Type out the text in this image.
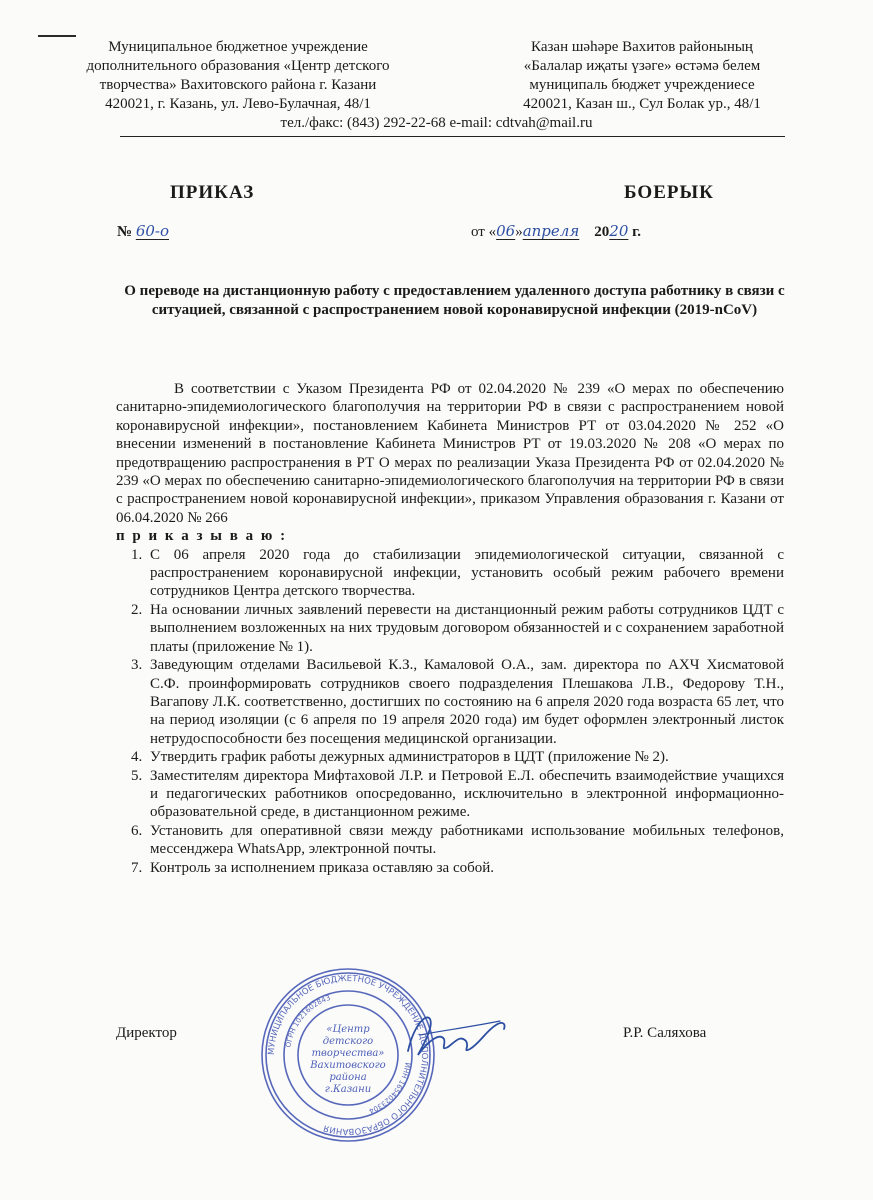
Муниципальное бюджетное учреждение
дополнительного образования «Центр детского
творчества» Вахитовского района г. Казани
420021, г. Казань, ул. Лево-Булачная, 48/1
Казан шәһәре Вахитов районының
«Балалар иҗаты үзәге» өстәмә белем
муниципаль бюджет учреждениесе
420021, Казан ш., Сул Болак ур., 48/1
тел./факс: (843) 292-22-68 e-mail: cdtvah@mail.ru
ПРИКАЗ	БОЕРЫК
№ 60-о	от «06»апреля 2020 г.
О переводе на дистанционную работу с предоставлением удаленного доступа работнику в связи с ситуацией, связанной с распространением новой коронавирусной инфекции (2019-nCoV)

В соответствии с Указом Президента РФ от 02.04.2020 № 239 «О мерах по обеспечению санитарно-эпидемиологического благополучия на территории РФ в связи с распространением новой коронавирусной инфекции», постановлением Кабинета Министров РТ от 03.04.2020 № 252 «О внесении изменений в постановление Кабинета Министров РТ от 19.03.2020 № 208 «О мерах по предотвращению распространения в РТ О мерах по реализации Указа Президента РФ от 02.04.2020 № 239 «О мерах по обеспечению санитарно-эпидемиологического благополучия на территории РФ в связи с распространением новой коронавирусной инфекции», приказом Управления образования г. Казани от 06.04.2020 № 266

п р и к а з ы в а ю :
1. С 06 апреля 2020 года до стабилизации эпидемиологической ситуации, связанной с распространением коронавирусной инфекции, установить особый режим рабочего времени сотрудников Центра детского творчества.
2. На основании личных заявлений перевести на дистанционный режим работы сотрудников ЦДТ с выполнением возложенных на них трудовым договором обязанностей и с сохранением заработной платы (приложение № 1).
3. Заведующим отделами Васильевой К.З., Камаловой О.А., зам. директора по АХЧ Хисматовой С.Ф. проинформировать сотрудников своего подразделения Плешакова Л.В., Федорову Т.Н., Вагапову Л.К. соответственно, достигших по состоянию на 6 апреля 2020 года возраста 65 лет, что на период изоляции (с 6 апреля по 19 апреля 2020 года) им будет оформлен электронный листок нетрудоспособности без посещения медицинской организации.
4. Утвердить график работы дежурных администраторов в ЦДТ (приложение № 2).
5. Заместителям директора Мифтаховой Л.Р. и Петровой Е.Л. обеспечить взаимодействие учащихся и педагогических работников опосредованно, исключительно в электронной информационно-образовательной среде, в дистанционном режиме.
6. Установить для оперативной связи между работниками использование мобильных телефонов, мессенджера WhatsApp, электронной почты.
7. Контроль за исполнением приказа оставляю за собой.
Директор	Р.Р. Саляхова
МУНИЦИПАЛЬНОЕ БЮДЖЕТНОЕ УЧРЕЖДЕНИЕ ДОПОЛНИТЕЛЬНОГО ОБРАЗОВАНИЯ
ОГРН 1021602843
ИНН 1654023304
«Центр
детского
творчества»
Вахитовского
района
г.Казани
